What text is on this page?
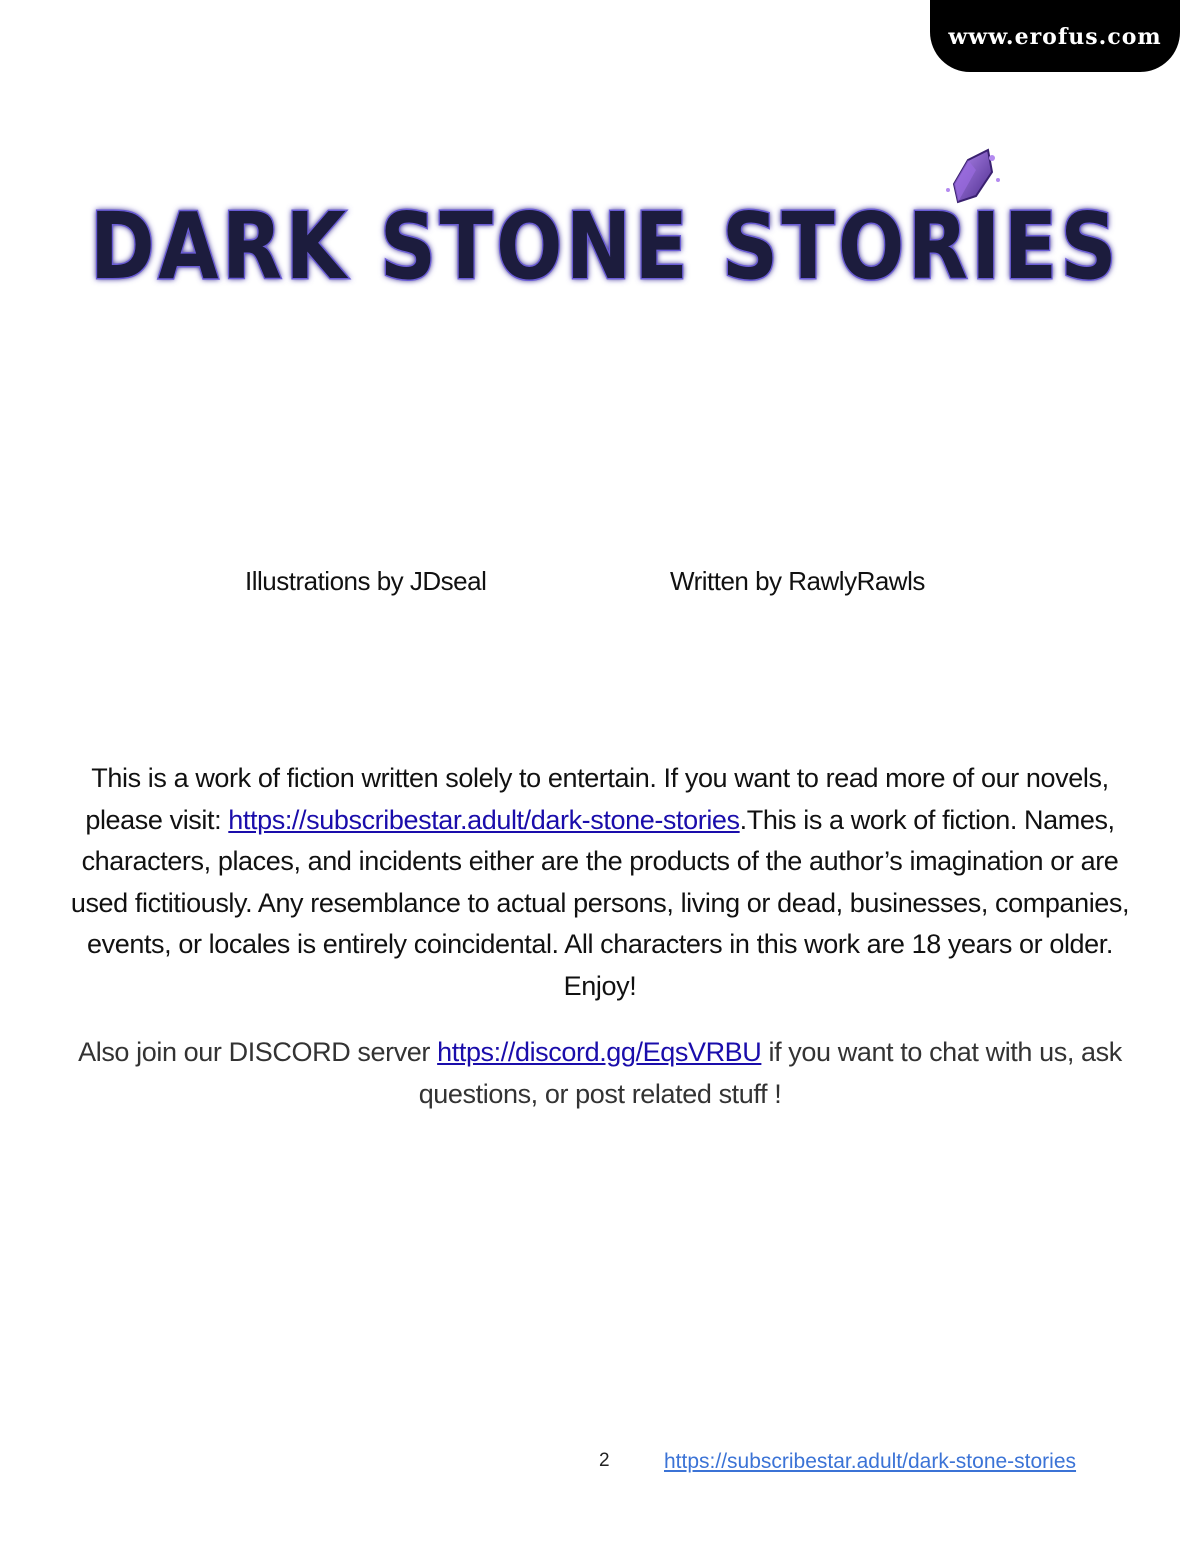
www.erofus.com
DARK STONE STORIES
Illustrations by JDseal	Written by RawlyRawls
This is a work of fiction written solely to entertain. If you want to read more of our novels, please visit: https://subscribestar.adult/dark-stone-stories.This is a work of fiction. Names, characters, places, and incidents either are the products of the author’s imagination or are used fictitiously. Any resemblance to actual persons, living or dead, businesses, companies, events, or locales is entirely coincidental. All characters in this work are 18 years or older. Enjoy!
Also join our DISCORD server https://discord.gg/EqsVRBU if you want to chat with us, ask questions, or post related stuff !
2	https://subscribestar.adult/dark-stone-stories
